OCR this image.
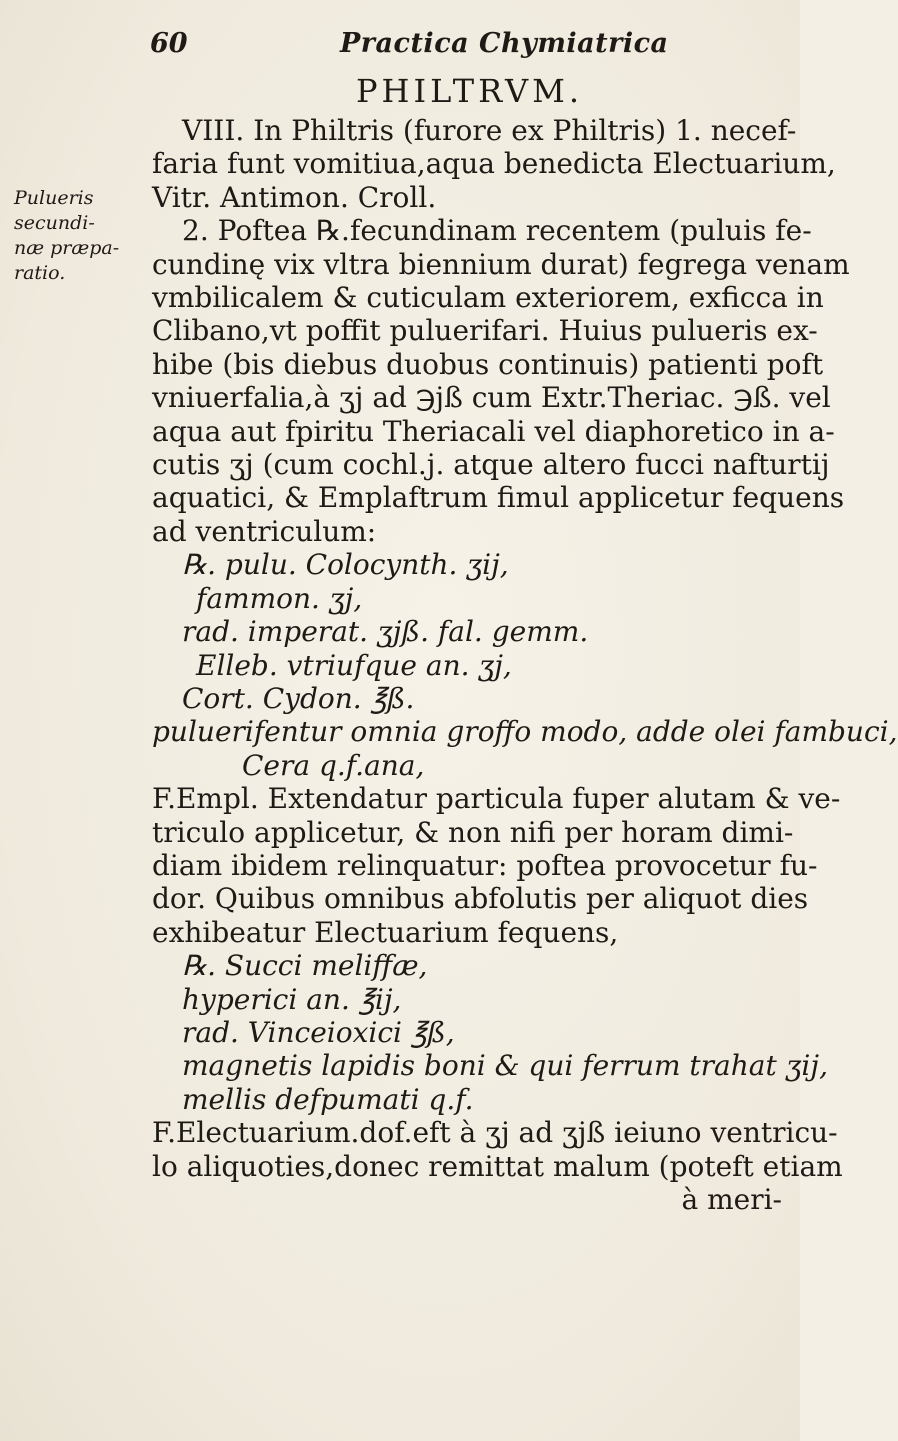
60	Practica Chymiatrica
PHILTRVM.
Pulueris
secundi-
næ præpa-
ratio.
VIII. In Philtris (furore ex Philtris) 1. necef-
faria funt vomitiua,aqua benedicta Electuarium,
Vitr. Antimon. Croll.
2. Poftea ℞.fecundinam recentem (puluis fe-
cundinę vix vltra biennium durat) fegrega venam
vmbilicalem & cuticulam exteriorem, exficca in
Clibano,vt poffit puluerifari. Huius pulueris ex-
hibe (bis diebus duobus continuis) patienti poft
vniuerfalia,à ʒj ad ℈jß cum Extr.Theriac. ℈ß. vel
aqua aut fpiritu Theriacali vel diaphoretico in a-
cutis ʒj (cum cochl.j. atque altero fucci nafturtij
aquatici, & Emplaftrum fimul applicetur fequens
ad ventriculum:
℞. pulu. Colocynth. ʒij,
fammon. ʒj,
rad. imperat. ʒjß. fal. gemm.
Elleb. vtriufque an. ʒj,
Cort. Cydon. ℥ß.
puluerifentur omnia groffo modo, adde olei fambuci,
Cera q.f.ana,
F.Empl. Extendatur particula fuper alutam & ve-
triculo applicetur, & non nifi per horam dimi-
diam ibidem relinquatur: poftea provocetur fu-
dor. Quibus omnibus abfolutis per aliquot dies
exhibeatur Electuarium fequens,
℞. Succi meliffæ,
hyperici an. ℥ij,
rad. Vinceioxici ℥ß,
magnetis lapidis boni & qui ferrum trahat ʒij,
mellis defpumati q.f.
F.Electuarium.dof.eft à ʒj ad ʒjß ieiuno ventricu-
lo aliquoties,donec remittat malum (poteft etiam
à meri-
